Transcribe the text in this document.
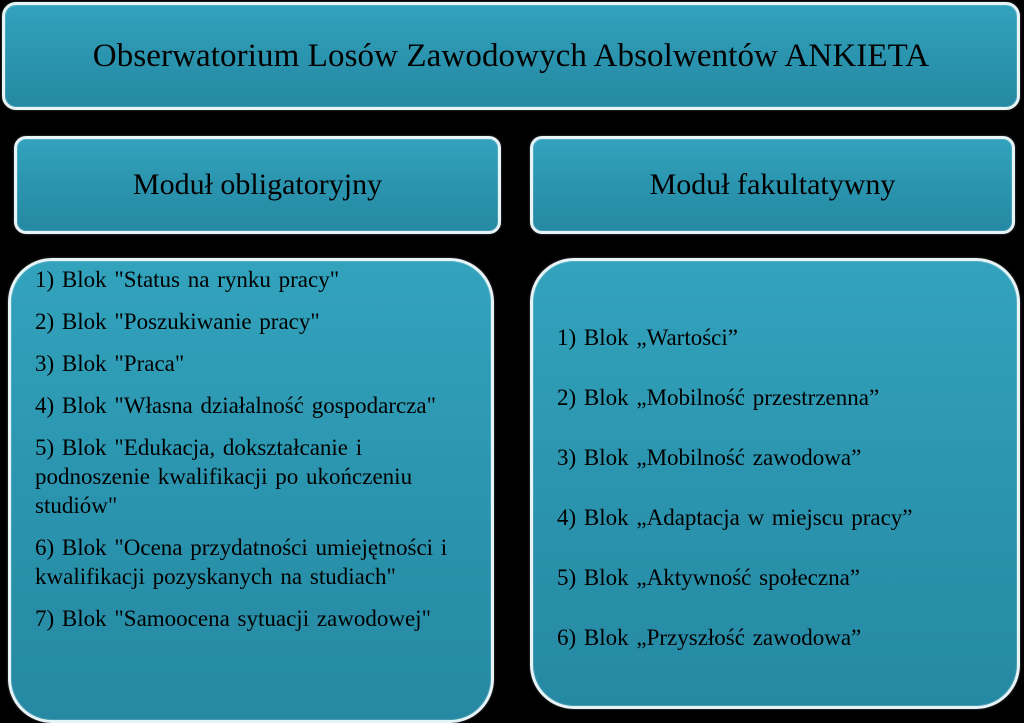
Obserwatorium Losów Zawodowych Absolwentów ANKIETA
Moduł obligatoryjny	Moduł fakultatywny
1) Blok "Status na rynku pracy"
2) Blok "Poszukiwanie pracy"
3) Blok "Praca"
4) Blok "Własna działalność gospodarcza"
5) Blok "Edukacja, dokształcanie i podnoszenie kwalifikacji po ukończeniu studiów"
6) Blok "Ocena przydatności umiejętności i kwalifikacji pozyskanych na studiach"
7) Blok "Samoocena sytuacji zawodowej"
1) Blok „Wartości”
2) Blok „Mobilność przestrzenna”
3) Blok „Mobilność zawodowa”
4) Blok „Adaptacja w miejscu pracy”
5) Blok „Aktywność społeczna”
6) Blok „Przyszłość zawodowa”
